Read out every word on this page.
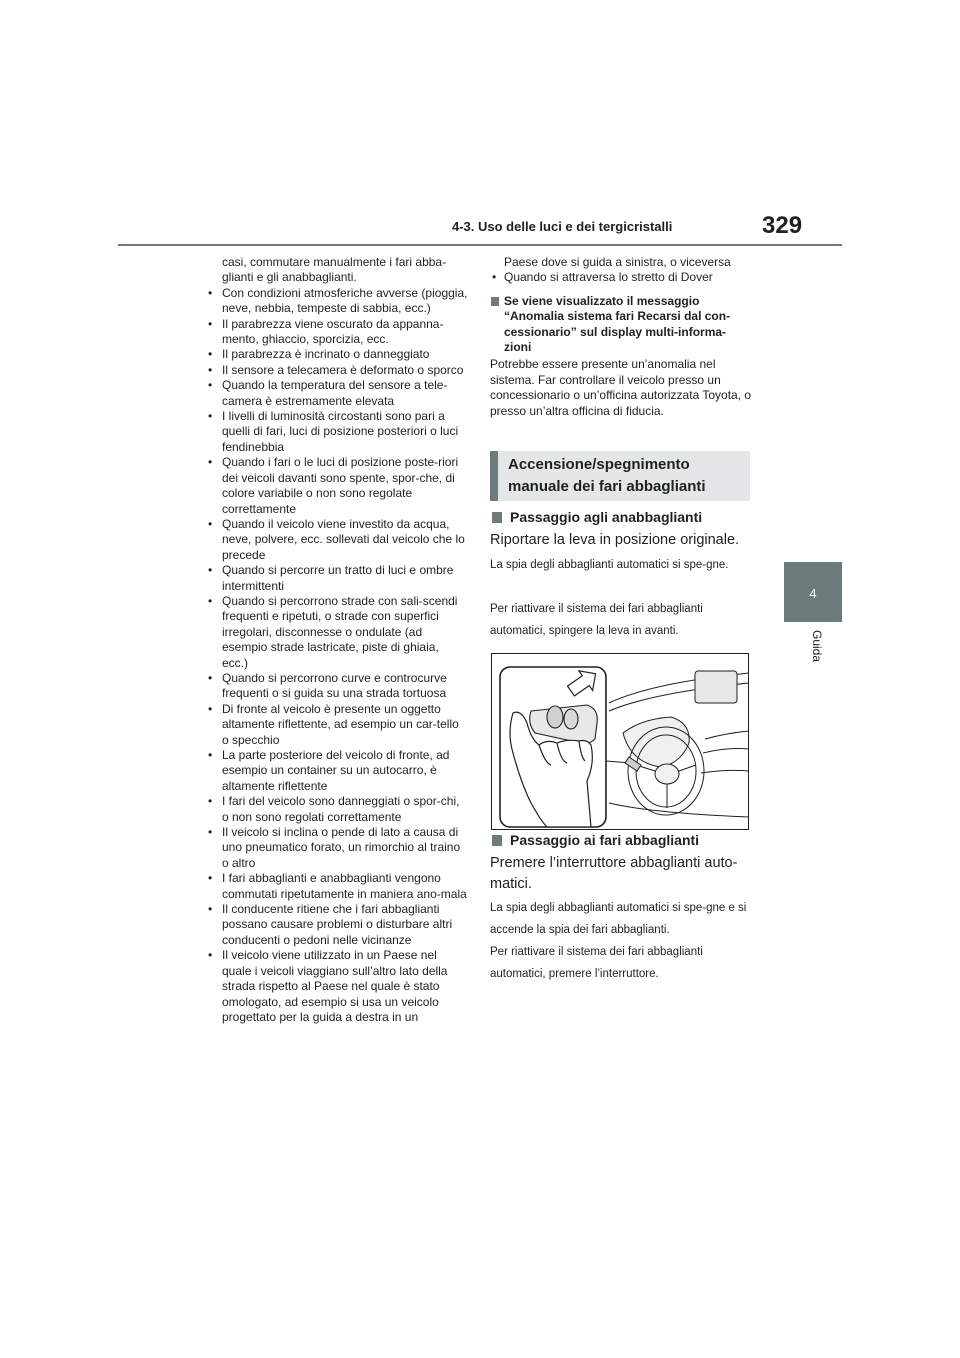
329
4-3. Uso delle luci e dei tergicristalli
4
Guida
casi, commutare manualmente i fari abba-
glianti e gli anabbaglianti.
• Con condizioni atmosferiche avverse (pioggia, neve, nebbia, tempeste di sabbia, ecc.)
• Il parabrezza viene oscurato da appanna-mento, ghiaccio, sporcizia, ecc.
• Il parabrezza è incrinato o danneggiato
• Il sensore a telecamera è deformato o sporco
• Quando la temperatura del sensore a tele-camera è estremamente elevata
• I livelli di luminosità circostanti sono pari a quelli di fari, luci di posizione posteriori o luci fendinebbia
• Quando i fari o le luci di posizione poste-riori dei veicoli davanti sono spente, spor-che, di colore variabile o non sono regolate correttamente
• Quando il veicolo viene investito da acqua, neve, polvere, ecc. sollevati dal veicolo che lo precede
• Quando si percorre un tratto di luci e ombre intermittenti
• Quando si percorrono strade con sali-scendi frequenti e ripetuti, o strade con superfici irregolari, disconnesse o ondulate (ad esempio strade lastricate, piste di ghiaia, ecc.)
• Quando si percorrono curve e controcurve frequenti o si guida su una strada tortuosa
• Di fronte al veicolo è presente un oggetto altamente riflettente, ad esempio un car-tello o specchio
• La parte posteriore del veicolo di fronte, ad esempio un container su un autocarro, è altamente riflettente
• I fari del veicolo sono danneggiati o spor-chi, o non sono regolati correttamente
• Il veicolo si inclina o pende di lato a causa di uno pneumatico forato, un rimorchio al traino o altro
• I fari abbaglianti e anabbaglianti vengono commutati ripetutamente in maniera ano-mala
• Il conducente ritiene che i fari abbaglianti possano causare problemi o disturbare altri conducenti o pedoni nelle vicinanze
• Il veicolo viene utilizzato in un Paese nel quale i veicoli viaggiano sull’altro lato della strada rispetto al Paese nel quale è stato omologato, ad esempio si usa un veicolo progettato per la guida a destra in un
Paese dove si guida a sinistra, o viceversa
• Quando si attraversa lo stretto di Dover
Se viene visualizzato il messaggio “Anomalia sistema fari Recarsi dal con-cessionario” sul display multi-informa-zioni
Potrebbe essere presente un’anomalia nel sistema. Far controllare il veicolo presso un concessionario o un’officina autorizzata Toyota, o presso un’altra officina di fiducia.
Accensione/spegnimento
manuale dei fari abbaglianti
Passaggio agli anabbaglianti
Riportare la leva in posizione originale.
La spia degli abbaglianti automatici si spe-gne.
Per riattivare il sistema dei fari abbaglianti automatici, spingere la leva in avanti.
Passaggio ai fari abbaglianti
Premere l’interruttore abbaglianti auto-matici.
La spia degli abbaglianti automatici si spe-gne e si accende la spia dei fari abbaglianti.
Per riattivare il sistema dei fari abbaglianti automatici, premere l’interruttore.
